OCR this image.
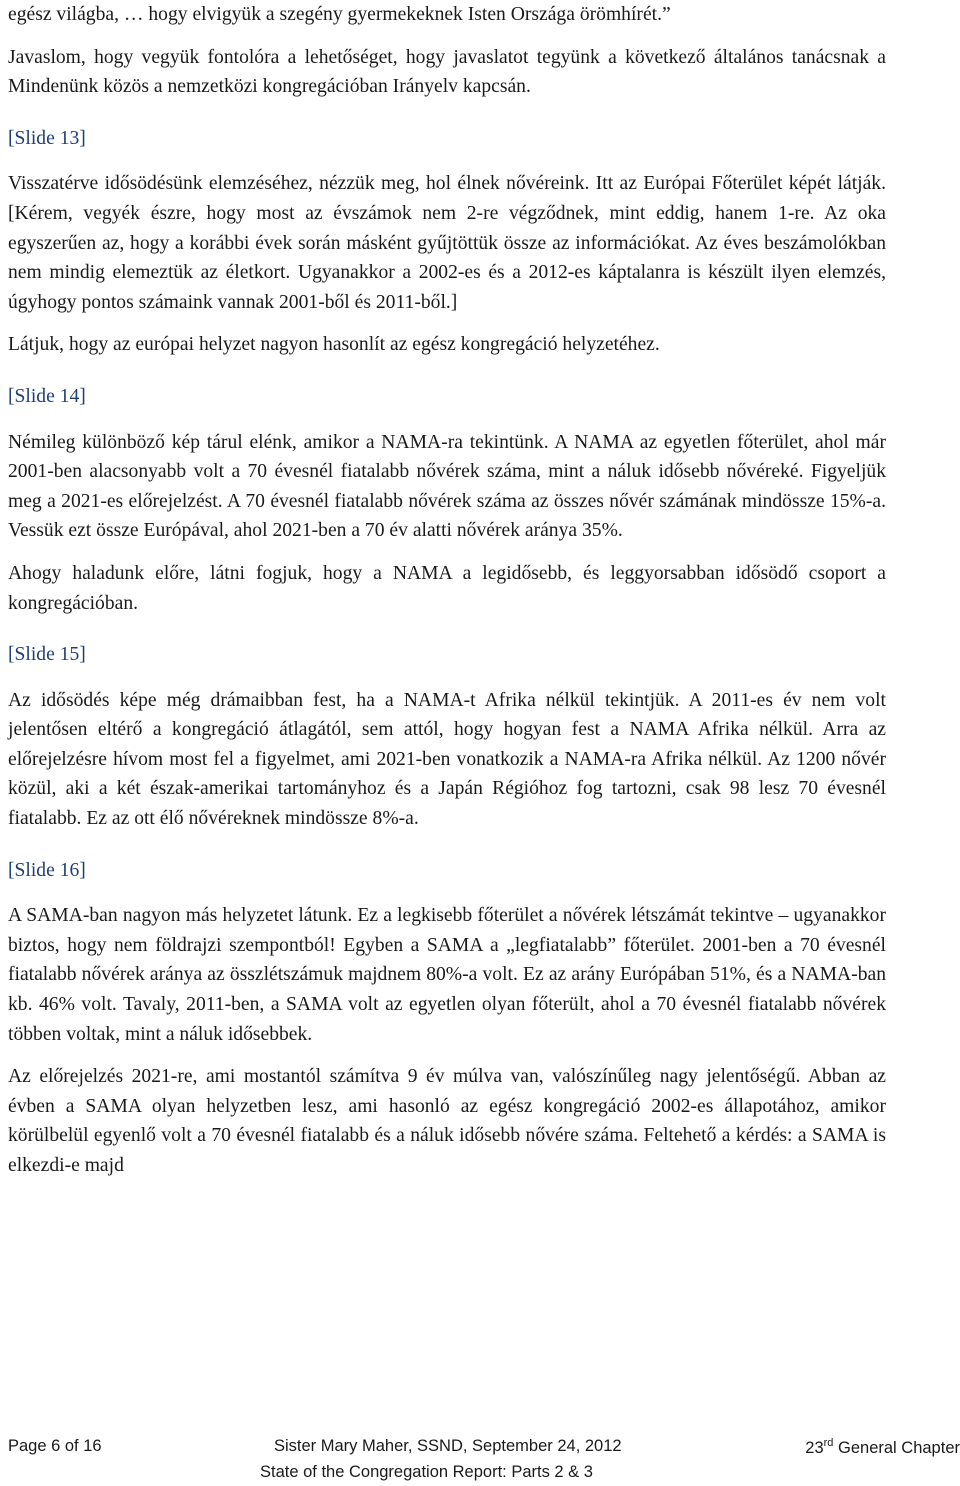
egész világba, … hogy elvigyük a szegény gyermekeknek Isten Országa örömhírét.”

Javaslom, hogy vegyük fontolóra a lehetőséget, hogy javaslatot tegyünk a következő általános tanácsnak a Mindenünk közös a nemzetközi kongregációban Irányelv kapcsán.

[Slide 13]

Visszatérve idősödésünk elemzéséhez, nézzük meg, hol élnek nővéreink. Itt az Európai Főterület képét látják. [Kérem, vegyék észre, hogy most az évszámok nem 2-re végződnek, mint eddig, hanem 1-re. Az oka egyszerűen az, hogy a korábbi évek során másként gyűjtöttük össze az információkat. Az éves beszámolókban nem mindig elemeztük az életkort. Ugyanakkor a 2002-es és a 2012-es káptalanra is készült ilyen elemzés, úgyhogy pontos számaink vannak 2001-ből és 2011-ből.]

Látjuk, hogy az európai helyzet nagyon hasonlít az egész kongregáció helyzetéhez.

[Slide 14]

Némileg különböző kép tárul elénk, amikor a NAMA-ra tekintünk. A NAMA az egyetlen főterület, ahol már 2001-ben alacsonyabb volt a 70 évesnél fiatalabb nővérek száma, mint a náluk idősebb nővéreké. Figyeljük meg a 2021-es előrejelzést. A 70 évesnél fiatalabb nővérek száma az összes nővér számának mindössze 15%-a. Vessük ezt össze Európával, ahol 2021-ben a 70 év alatti nővérek aránya 35%.

Ahogy haladunk előre, látni fogjuk, hogy a NAMA a legidősebb, és leggyorsabban idősödő csoport a kongregációban.

[Slide 15]

Az idősödés képe még drámaibban fest, ha a NAMA-t Afrika nélkül tekintjük. A 2011-es év nem volt jelentősen eltérő a kongregáció átlagától, sem attól, hogy hogyan fest a NAMA Afrika nélkül. Arra az előrejelzésre hívom most fel a figyelmet, ami 2021-ben vonatkozik a NAMA-ra Afrika nélkül. Az 1200 nővér közül, aki a két észak-amerikai tartományhoz és a Japán Régióhoz fog tartozni, csak 98 lesz 70 évesnél fiatalabb. Ez az ott élő nővéreknek mindössze 8%-a.

[Slide 16]

A SAMA-ban nagyon más helyzetet látunk. Ez a legkisebb főterület a nővérek létszámát tekintve – ugyanakkor biztos, hogy nem földrajzi szempontból! Egyben a SAMA a „legfiatalabb” főterület. 2001-ben a 70 évesnél fiatalabb nővérek aránya az összlétszámuk majdnem 80%-a volt. Ez az arány Európában 51%, és a NAMA-ban kb. 46% volt. Tavaly, 2011-ben, a SAMA volt az egyetlen olyan főterült, ahol a 70 évesnél fiatalabb nővérek többen voltak, mint a náluk idősebbek.

Az előrejelzés 2021-re, ami mostantól számítva 9 év múlva van, valószínűleg nagy jelentőségű. Abban az évben a SAMA olyan helyzetben lesz, ami hasonló az egész kongregáció 2002-es állapotához, amikor körülbelül egyenlő volt a 70 évesnél fiatalabb és a náluk idősebb nővére száma. Feltehető a kérdés: a SAMA is elkezdi-e majd

Page 6 of 16	Sister Mary Maher, SSND, September 24, 2012	23rd General Chapter
State of the Congregation Report: Parts 2 & 3
